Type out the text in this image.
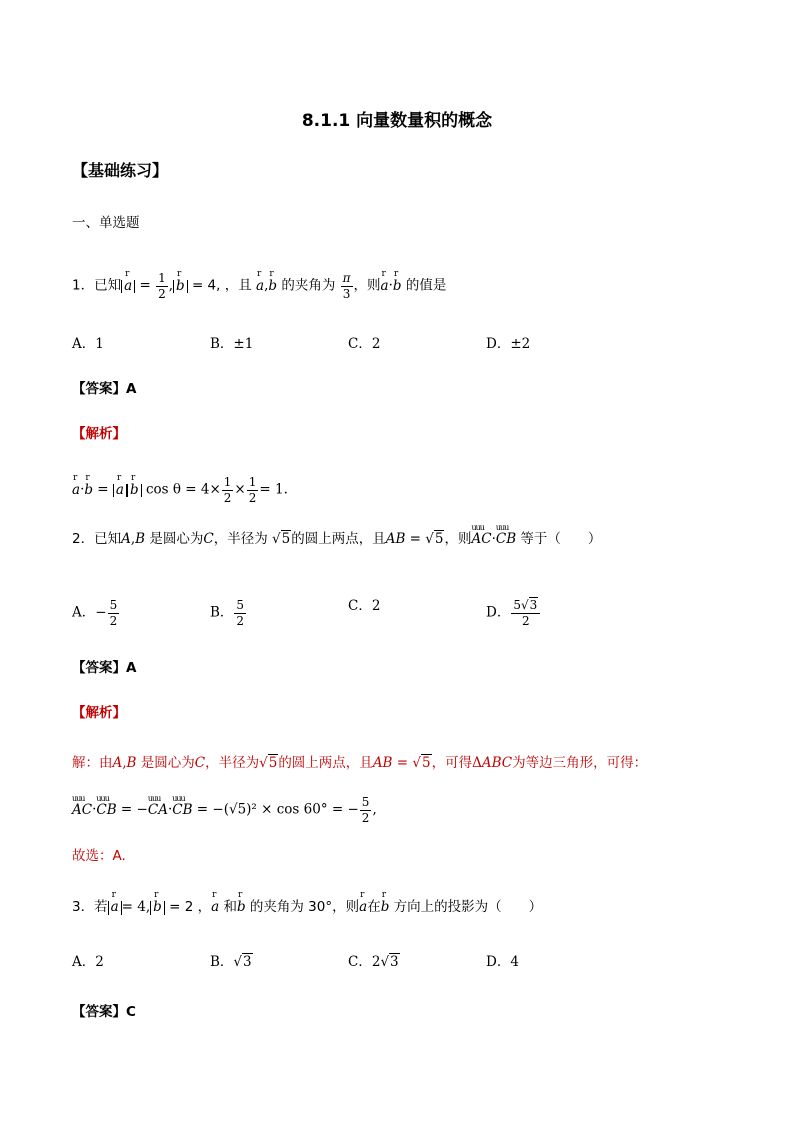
8.1.1 向量数量积的概念
【基础练习】
一、单选题
1．已知r $a = \frac{1}{2} ,r$ b = 4, ，且 r a,r b 的夹角为 $\frac{\pi}{3}$ ，则r a·r b 的值是
A．1	B．±1	C．2	D．±2
【答案】A
【解析】
r a·r b = r ar b $\cos \theta = 4\times \frac{1}{2} \times \frac{1}{2} = 1$.
2．已知A,B 是圆心为C，半径为 √5的圆上两点，且AB = √5，则uuu AC·uuu CB 等于（　　）
A．− $\frac{5}{2}$	B． $\frac{5}{2}$	C．2	D． $\frac{5√3}{2}$
【答案】A
【解析】
解：由A,B 是圆心为C，半径为√5的圆上两点，且AB = √5，可得ΔABC为等边三角形，可得：
uuu AC·uuu CB = −uuu CA·uuu CB = −(√5)² × cos 60° = − $\frac{5}{2}$ ,
故选：A.
3．若r a = 4,r b = 2 ，r a 和r b 的夹角为 30°，则r a在r b 方向上的投影为（　　）
A．2	B．√3	C．2√3	D．4
【答案】C
